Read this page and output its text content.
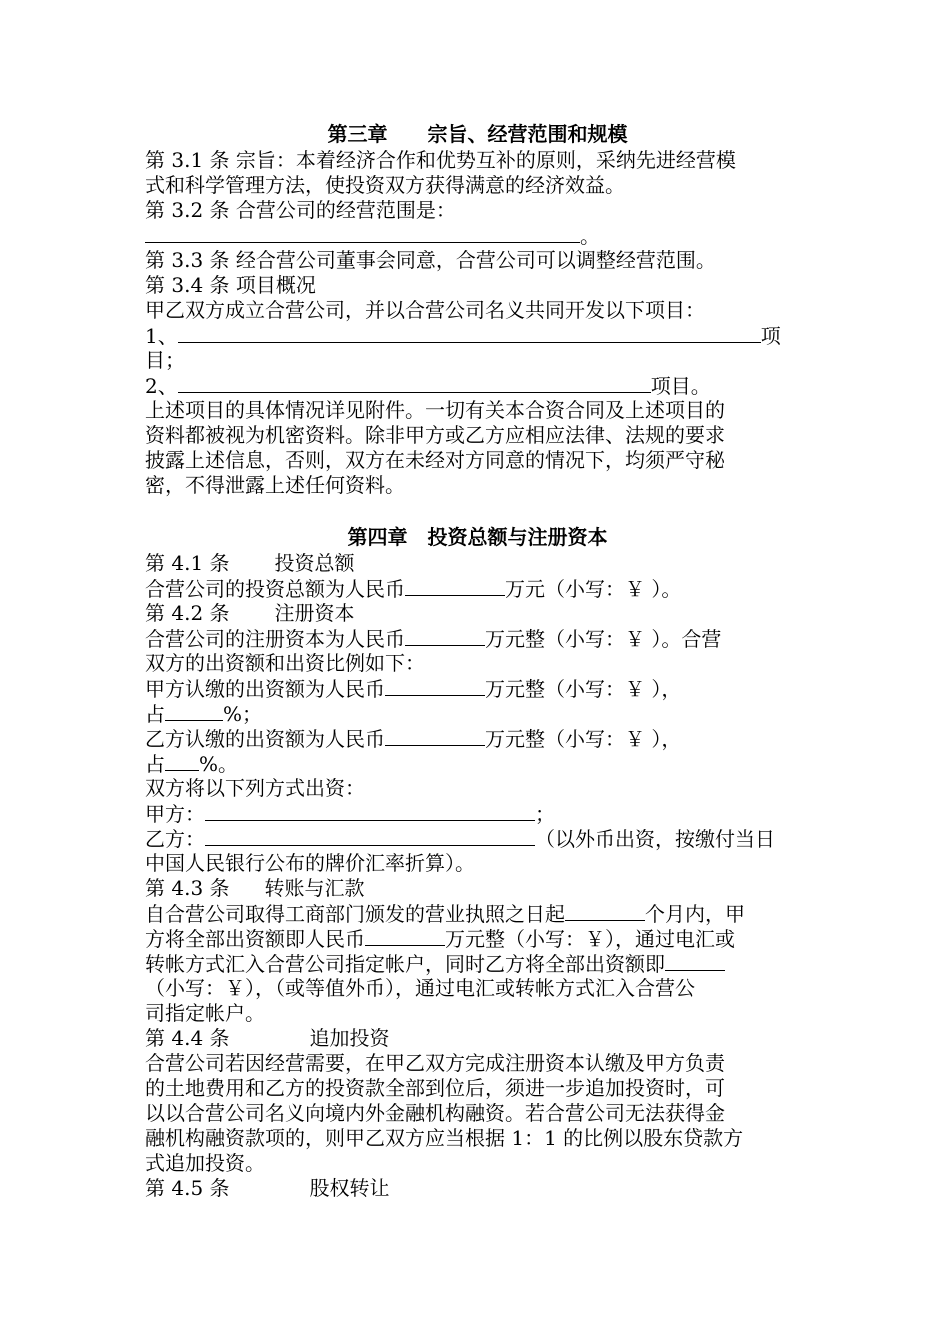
第三章 宗旨、经营范围和规模
第 3.1 条 宗旨：本着经济合作和优势互补的原则，采纳先进经营模
式和科学管理方法，使投资双方获得满意的经济效益。
第 3.2 条 合营公司的经营范围是：
。
第 3.3 条 经合营公司董事会同意，合营公司可以调整经营范围。
第 3.4 条 项目概况
甲乙双方成立合营公司，并以合营公司名义共同开发以下项目：
1、	项
目；
2、	项目。
上述项目的具体情况详见附件。一切有关本合资合同及上述项目的
资料都被视为机密资料。除非甲方或乙方应相应法律、法规的要求
披露上述信息，否则，双方在未经对方同意的情况下，均须严守秘
密，不得泄露上述任何资料。
第四章 投资总额与注册资本
第 4.1 条 投资总额
合营公司的投资总额为人民币	万元（小写：￥ ）。
第 4.2 条 注册资本
合营公司的注册资本为人民币	万元整（小写：￥ ）。合营
双方的出资额和出资比例如下：
甲方认缴的出资额为人民币	万元整（小写：￥ ），
占	%；
乙方认缴的出资额为人民币	万元整（小写：￥ ），
占 %。
双方将以下列方式出资：
甲方：	；
乙方：	（以外币出资，按缴付当日
中国人民银行公布的牌价汇率折算）。
第 4.3 条 转账与汇款
自合营公司取得工商部门颁发的营业执照之日起	个月内，甲
方将全部出资额即人民币	万元整（小写：￥），通过电汇或
转帐方式汇入合营公司指定帐户，同时乙方将全部出资额即
（小写：￥），（或等值外币），通过电汇或转帐方式汇入合营公
司指定帐户。
第 4.4 条	追加投资
合营公司若因经营需要，在甲乙双方完成注册资本认缴及甲方负责
的土地费用和乙方的投资款全部到位后，须进一步追加投资时，可
以以合营公司名义向境内外金融机构融资。若合营公司无法获得金
融机构融资款项的，则甲乙双方应当根据 1：1 的比例以股东贷款方
式追加投资。
第 4.5 条	股权转让
